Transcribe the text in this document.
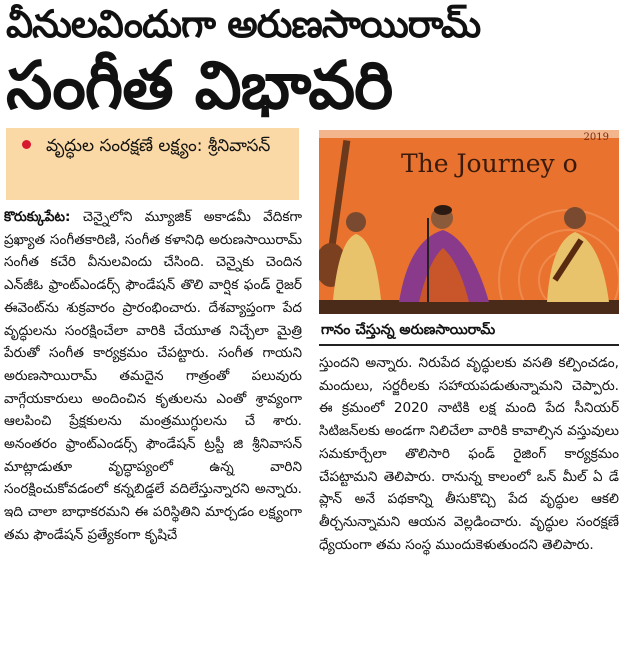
వీనులవిందుగా అరుణసాయిరామ్
సంగీత విభావరి
వృద్ధుల సంరక్షణే లక్ష్యం: శ్రీనివాసన్

కొరుక్కుపేట: చెన్నైలోని మ్యూజిక్ అకాడమీ వేదికగా ప్రఖ్యాత సంగీతకారిణి, సంగీత కళానిధి అరుణసాయిరామ్ సంగీత కచేరి వీనులవిందు చేసింది. చెన్నైకు చెందిన ఎన్‌జీఓ ఫ్రాంట్‌ఎండర్స్ ఫౌండేషన్ తొలి వార్షిక ఫండ్ రైజర్ ఈవెంట్‌ను శుక్రవారం ప్రారంభించారు. దేశవ్యాప్తంగా పేద వృద్ధులను సంరక్షించేలా వారికి చేయూత నిచ్చేలా మైత్రి పేరుతో సంగీత కార్యక్రమం చేపట్టారు. సంగీత గాయని అరుణసాయిరామ్ తమదైన గాత్రంతో పలువురు వాగ్గేయకారులు అందించిన కృతులను ఎంతో శ్రావ్యంగా ఆలపించి ప్రేక్షకులను మంత్రముగ్ధులను చే శారు. అనంతరం ఫ్రాంట్‌ఎండర్స్ ఫౌండేషన్ ట్రస్టీ జి శ్రీనివాసన్ మాట్లాడుతూ వృద్ధాప్యంలో ఉన్న వారిని సంరక్షించుకోవడంలో కన్నబిడ్డలే వదిలేస్తున్నారని అన్నారు. ఇది చాలా బాధాకరమని ఈ పరిస్థితిని మార్చడం లక్ష్యంగా తమ ఫౌండేషన్ ప్రత్యేకంగా కృషిచే

2019
The Journey o
గానం చేస్తున్న అరుణసాయిరామ్

స్తుందని అన్నారు. నిరుపేద వృద్ధులకు వసతి కల్పించడం, మందులు, సర్జరీలకు సహాయపడుతున్నామని చెప్పారు. ఈ క్రమంలో 2020 నాటికి లక్ష మంది పేద సీనియర్ సిటిజన్‌లకు అండగా నిలిచేలా వారికి కావాల్సిన వస్తువులు సమకూర్చేలా తొలిసారి ఫండ్ రైజింగ్ కార్యక్రమం చేపట్టామని తెలిపారు. రానున్న కాలంలో ఒన్ మీల్ ఏ డే ప్లాన్ అనే పథకాన్ని తీసుకొచ్చి పేద వృద్ధుల ఆకలి తీర్చనున్నామని ఆయన వెల్లడించారు. వృద్ధుల సంరక్షణే ధ్యేయంగా తమ సంస్థ ముందుకెళుతుందని తెలిపారు.
